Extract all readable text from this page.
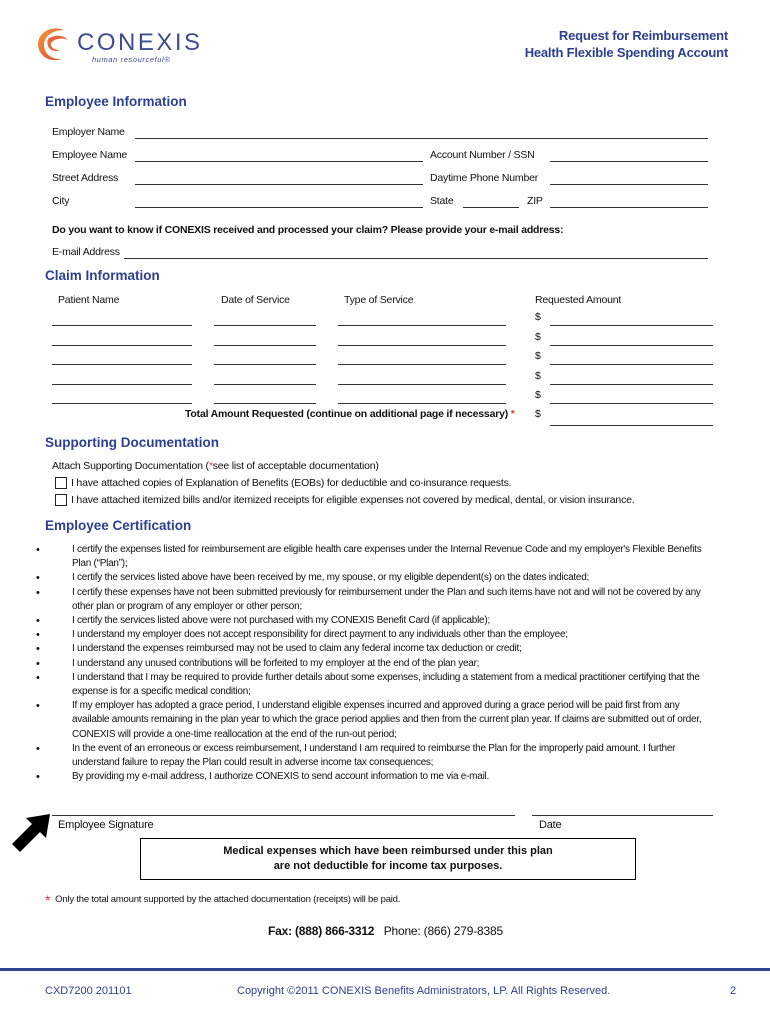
CONEXIS
human resourceful®
Request for Reimbursement
Health Flexible Spending Account
Employee Information
Employer Name
Employee Name	Account Number / SSN
Street Address	Daytime Phone Number
City	State	ZIP
Do you want to know if CONEXIS received and processed your claim? Please provide your e-mail address:
E-mail Address
Claim Information
Patient Name	Date of Service	Type of Service	Requested Amount
$
$
$
$
$
Total Amount Requested (continue on additional page if necessary) * $
Supporting Documentation
Attach Supporting Documentation (*see list of acceptable documentation)
I have attached copies of Explanation of Benefits (EOBs) for deductible and co-insurance requests.
I have attached itemized bills and/or itemized receipts for eligible expenses not covered by medical, dental, or vision insurance.
Employee Certification
• I certify the expenses listed for reimbursement are eligible health care expenses under the Internal Revenue Code and my employer's Flexible Benefits Plan (“Plan”);
• I certify the services listed above have been received by me, my spouse, or my eligible dependent(s) on the dates indicated;
• I certify these expenses have not been submitted previously for reimbursement under the Plan and such items have not and will not be covered by any other plan or program of any employer or other person;
• I certify the services listed above were not purchased with my CONEXIS Benefit Card (if applicable);
• I understand my employer does not accept responsibility for direct payment to any individuals other than the employee;
• I understand the expenses reimbursed may not be used to claim any federal income tax deduction or credit;
• I understand any unused contributions will be forfeited to my employer at the end of the plan year;
• I understand that I may be required to provide further details about some expenses, including a statement from a medical practitioner certifying that the expense is for a specific medical condition;
• If my employer has adopted a grace period, I understand eligible expenses incurred and approved during a grace period will be paid first from any available amounts remaining in the plan year to which the grace period applies and then from the current plan year. If claims are submitted out of order, CONEXIS will provide a one-time reallocation at the end of the run-out period;
• In the event of an erroneous or excess reimbursement, I understand I am required to reimburse the Plan for the improperly paid amount. I further understand failure to repay the Plan could result in adverse income tax consequences;
• By providing my e-mail address, I authorize CONEXIS to send account information to me via e-mail.
Employee Signature	Date
Medical expenses which have been reimbursed under this plan
are not deductible for income tax purposes.
* Only the total amount supported by the attached documentation (receipts) will be paid.
Fax: (888) 866-3312 Phone: (866) 279-8385
CXD7200 201101	Copyright ©2011 CONEXIS Benefits Administrators, LP. All Rights Reserved.	2
